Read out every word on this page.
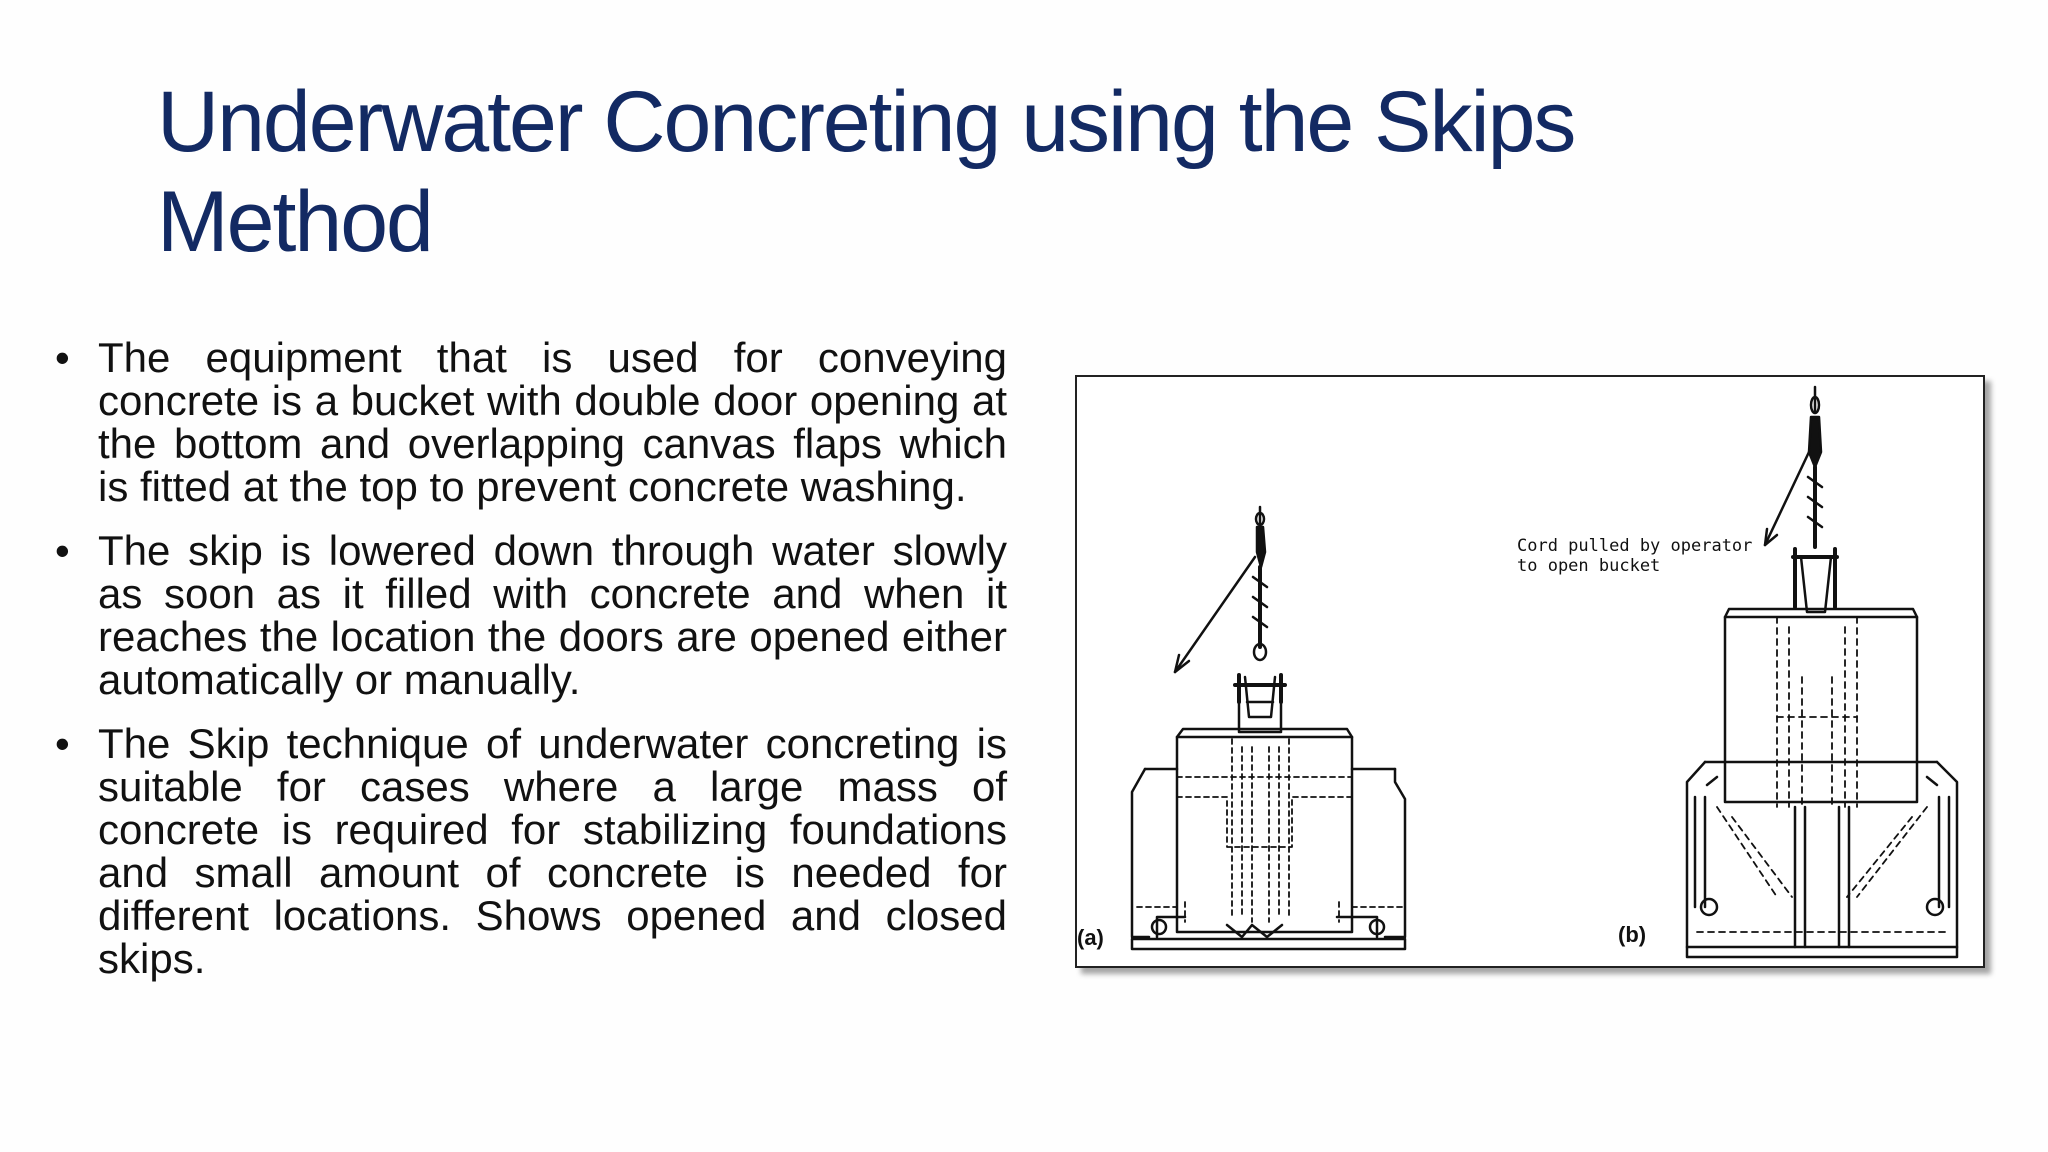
Underwater Concreting using the Skips
Method
• The equipment that is used for conveying concrete is a bucket with double door opening at the bottom and overlapping canvas flaps which is fitted at the top to prevent concrete washing.
• The skip is lowered down through water slowly as soon as it filled with concrete and when it reaches the location the doors are opened either automatically or manually.
• The Skip technique of underwater concreting is suitable for cases where a large mass of concrete is required for stabilizing foundations and small amount of concrete is needed for different locations. Shows opened and closed skips.
Cord pulled by operator
to open bucket
(a)	(b)
